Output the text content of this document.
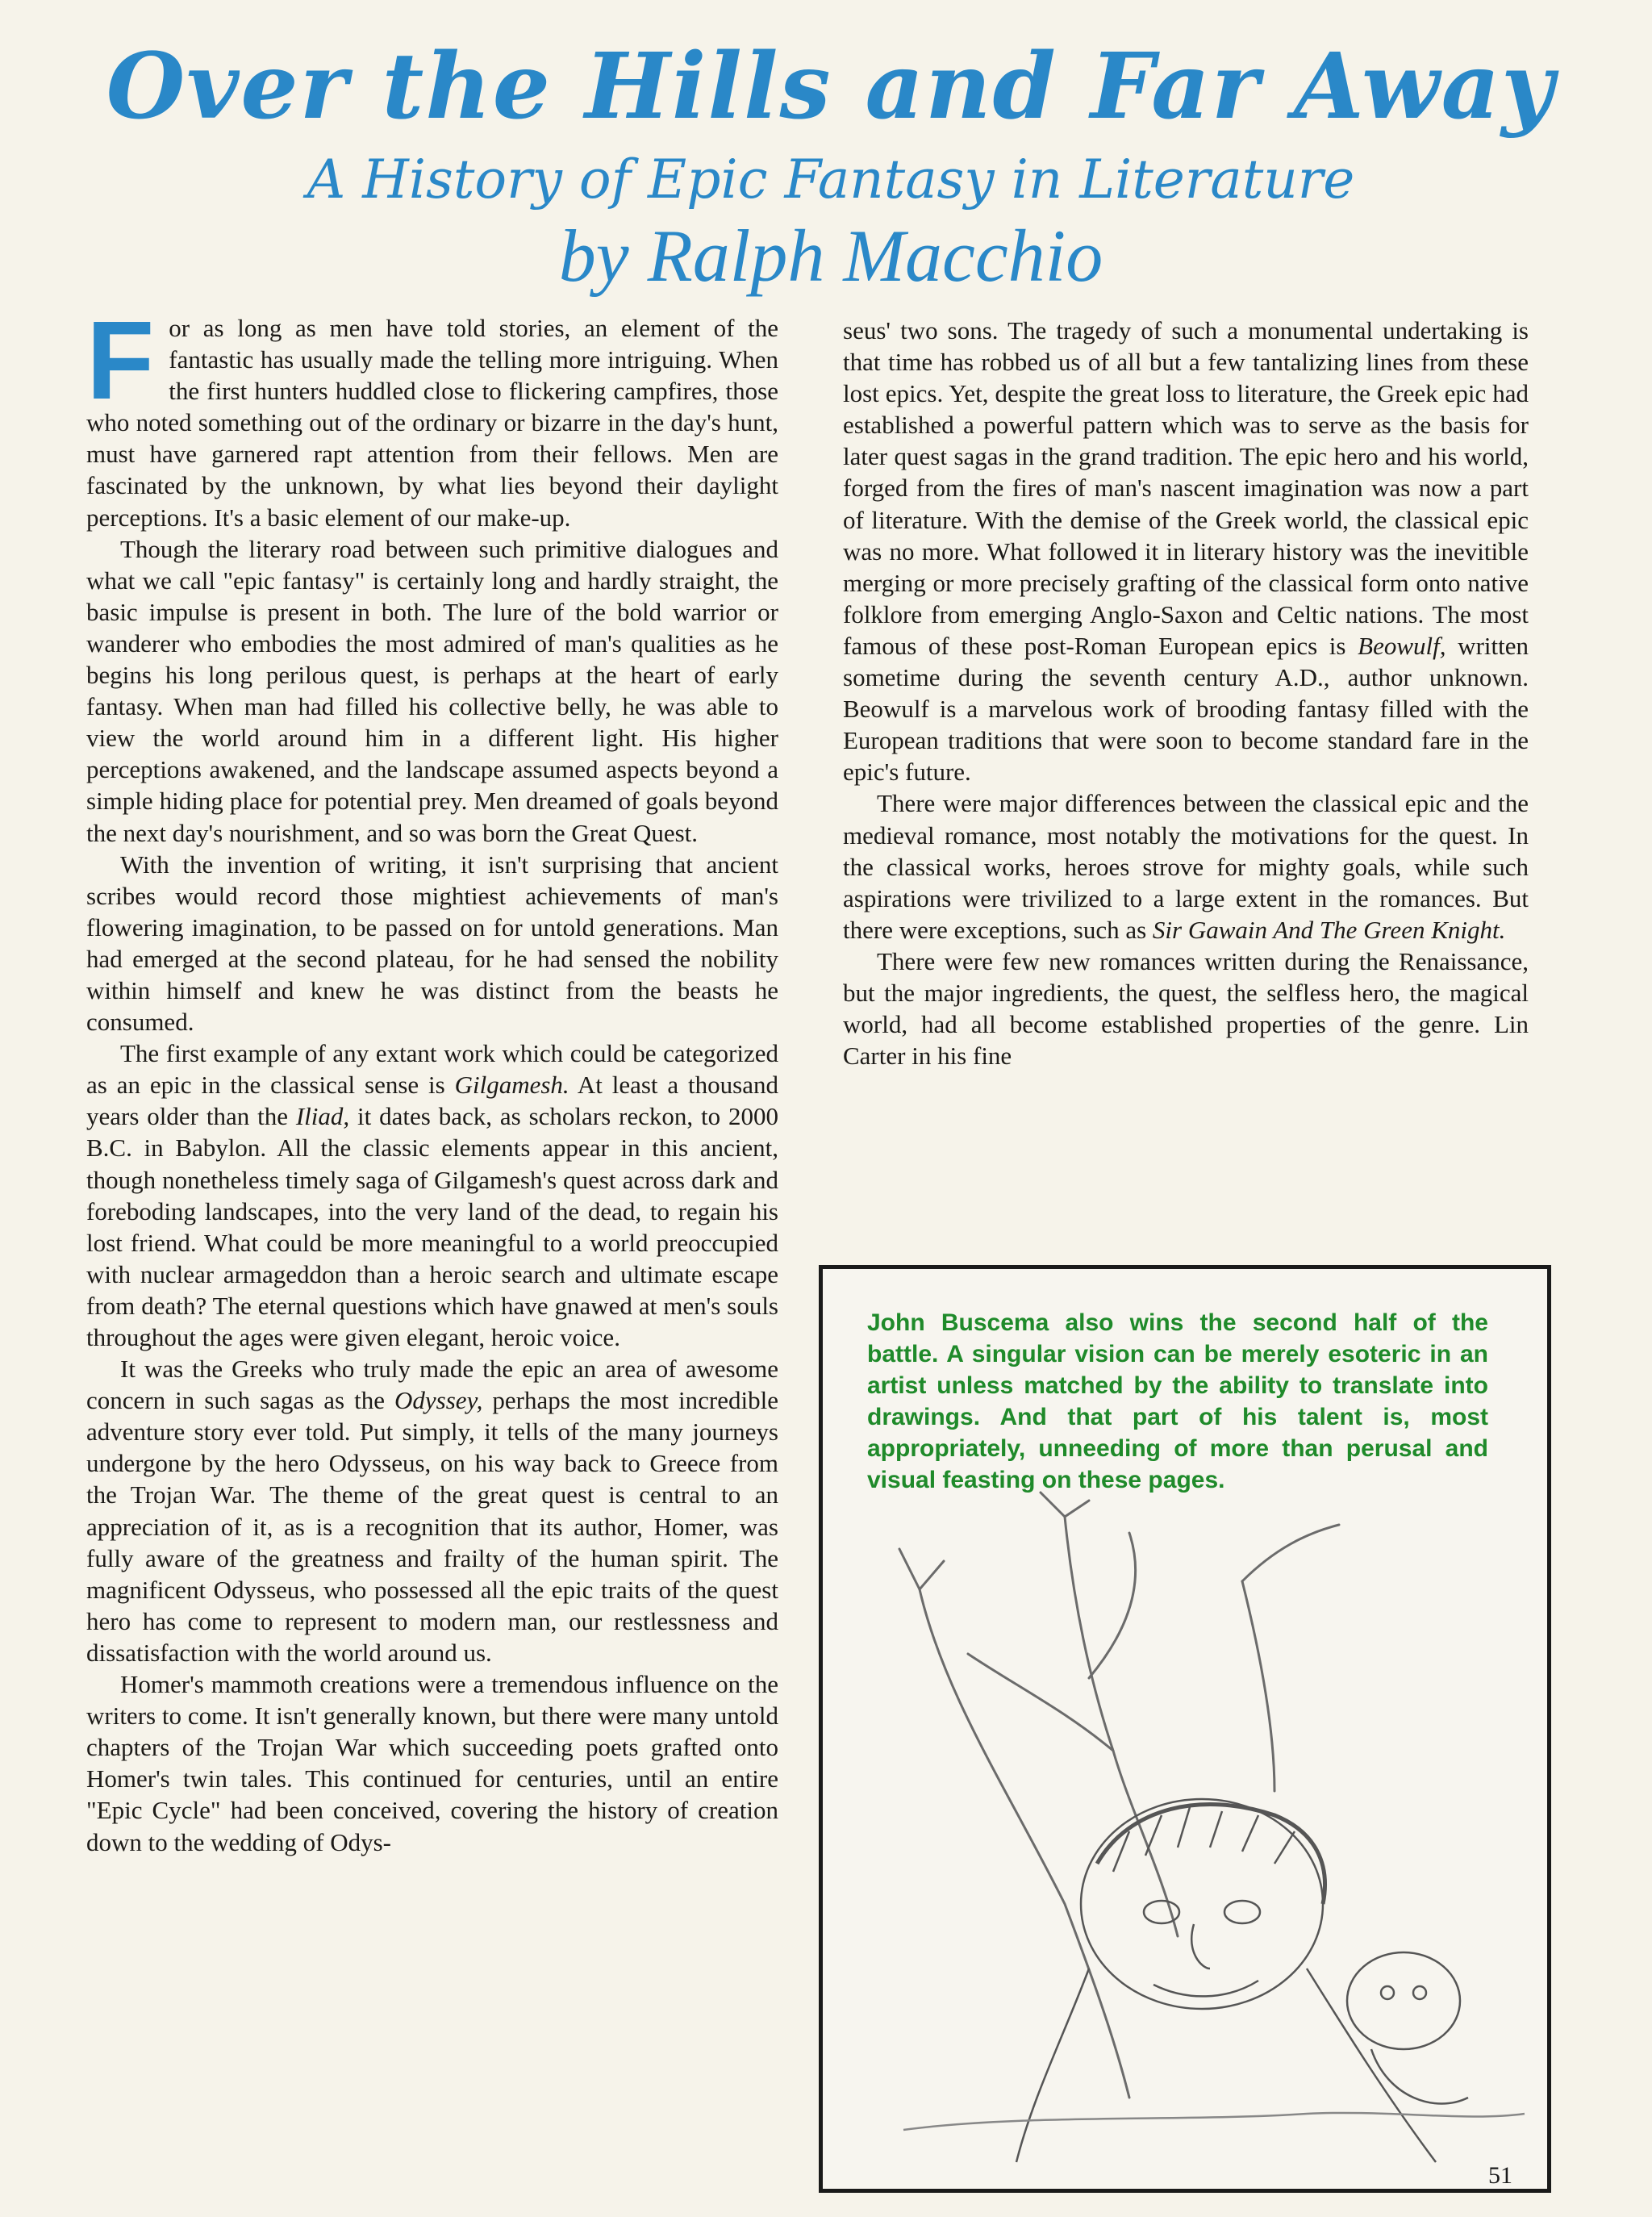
Over the Hills and Far Away
A History of Epic Fantasy in Literature
by Ralph Macchio

For as long as men have told stories, an element of the fantastic has usually made the telling more intriguing. When the first hunters huddled close to flickering campfires, those who noted something out of the ordinary or bizarre in the day's hunt, must have garnered rapt attention from their fellows. Men are fascinated by the unknown, by what lies beyond their daylight perceptions. It's a basic element of our make-up.

Though the literary road between such primitive dialogues and what we call "epic fantasy" is certainly long and hardly straight, the basic impulse is present in both. The lure of the bold warrior or wanderer who embodies the most admired of man's qualities as he begins his long perilous quest, is perhaps at the heart of early fantasy. When man had filled his collective belly, he was able to view the world around him in a different light. His higher perceptions awakened, and the landscape assumed aspects beyond a simple hiding place for potential prey. Men dreamed of goals beyond the next day's nourishment, and so was born the Great Quest.

With the invention of writing, it isn't surprising that ancient scribes would record those mightiest achievements of man's flowering imagination, to be passed on for untold generations. Man had emerged at the second plateau, for he had sensed the nobility within himself and knew he was distinct from the beasts he consumed.

The first example of any extant work which could be categorized as an epic in the classical sense is Gilgamesh. At least a thousand years older than the Iliad, it dates back, as scholars reckon, to 2000 B.C. in Babylon. All the classic elements appear in this ancient, though nonetheless timely saga of Gilgamesh's quest across dark and foreboding landscapes, into the very land of the dead, to regain his lost friend. What could be more meaningful to a world preoccupied with nuclear armageddon than a heroic search and ultimate escape from death? The eternal questions which have gnawed at men's souls throughout the ages were given elegant, heroic voice.

It was the Greeks who truly made the epic an area of awesome concern in such sagas as the Odyssey, perhaps the most incredible adventure story ever told. Put simply, it tells of the many journeys undergone by the hero Odysseus, on his way back to Greece from the Trojan War. The theme of the great quest is central to an appreciation of it, as is a recognition that its author, Homer, was fully aware of the greatness and frailty of the human spirit. The magnificent Odysseus, who possessed all the epic traits of the quest hero has come to represent to modern man, our restlessness and dissatisfaction with the world around us.

Homer's mammoth creations were a tremendous influence on the writers to come. It isn't generally known, but there were many untold chapters of the Trojan War which succeeding poets grafted onto Homer's twin tales. This continued for centuries, until an entire "Epic Cycle" had been conceived, covering the history of creation down to the wedding of Odys-

seus' two sons. The tragedy of such a monumental undertaking is that time has robbed us of all but a few tantalizing lines from these lost epics. Yet, despite the great loss to literature, the Greek epic had established a powerful pattern which was to serve as the basis for later quest sagas in the grand tradition. The epic hero and his world, forged from the fires of man's nascent imagination was now a part of literature. With the demise of the Greek world, the classical epic was no more. What followed it in literary history was the inevitible merging or more precisely grafting of the classical form onto native folklore from emerging Anglo-Saxon and Celtic nations. The most famous of these post-Roman European epics is Beowulf, written sometime during the seventh century A.D., author unknown. Beowulf is a marvelous work of brooding fantasy filled with the European traditions that were soon to become standard fare in the epic's future.

There were major differences between the classical epic and the medieval romance, most notably the motivations for the quest. In the classical works, heroes strove for mighty goals, while such aspirations were trivilized to a large extent in the romances. But there were exceptions, such as Sir Gawain And The Green Knight.

There were few new romances written during the Renaissance, but the major ingredients, the quest, the selfless hero, the magical world, had all become established properties of the genre. Lin Carter in his fine

John Buscema also wins the second half of the battle. A singular vision can be merely esoteric in an artist unless matched by the ability to translate into drawings. And that part of his talent is, most appropriately, unneeding of more than perusal and visual feasting on these pages.
51
